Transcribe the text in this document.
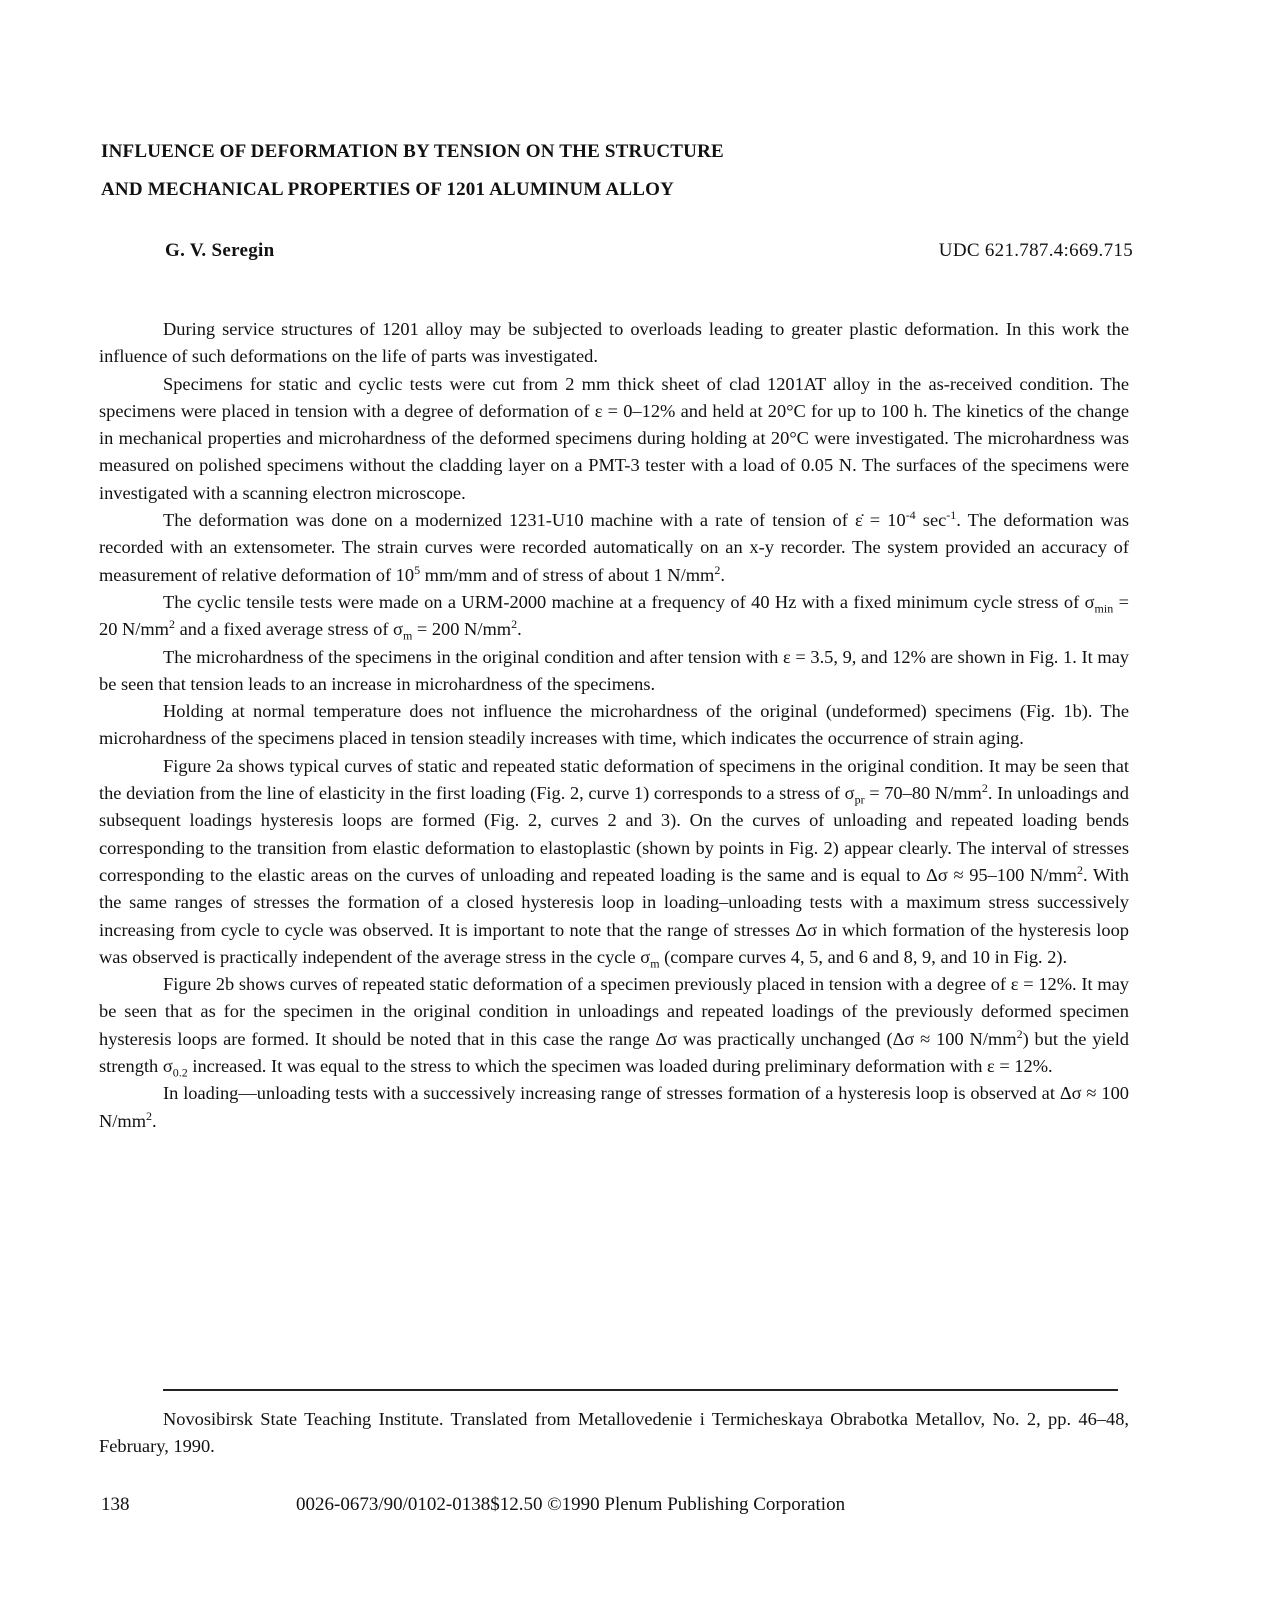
INFLUENCE OF DEFORMATION BY TENSION ON THE STRUCTURE
AND MECHANICAL PROPERTIES OF 1201 ALUMINUM ALLOY
G. V. Seregin	UDC 621.787.4:669.715

During service structures of 1201 alloy may be subjected to overloads leading to greater plastic deformation. In this work the influence of such deformations on the life of parts was investigated.

Specimens for static and cyclic tests were cut from 2 mm thick sheet of clad 1201AT alloy in the as-received condition. The specimens were placed in tension with a degree of deformation of ε = 0–12% and held at 20°C for up to 100 h. The kinetics of the change in mechanical properties and microhardness of the deformed specimens during holding at 20°C were investigated. The microhardness was measured on polished specimens without the cladding layer on a PMT-3 tester with a load of 0.05 N. The surfaces of the specimens were investigated with a scanning electron microscope.

The deformation was done on a modernized 1231-U10 machine with a rate of tension of ε̇ = $10^{-4}$ $\sec^{-1}$. The deformation was recorded with an extensometer. The strain curves were recorded automatically on an x-y recorder. The system provided an accuracy of measurement of relative deformation of $10^5$ mm/mm and of stress of about 1 $N/mm^2$.

The cyclic tensile tests were made on a URM-2000 machine at a frequency of 40 Hz with a fixed minimum cycle stress of $\sigma_{min} = 20$ $N/mm^2$ and a fixed average stress of $\sigma_m = 200$ $N/mm^2$.

The microhardness of the specimens in the original condition and after tension with ε = 3.5, 9, and 12% are shown in Fig. 1. It may be seen that tension leads to an increase in microhardness of the specimens.

Holding at normal temperature does not influence the microhardness of the original (undeformed) specimens (Fig. 1b). The microhardness of the specimens placed in tension steadily increases with time, which indicates the occurrence of strain aging.

Figure 2a shows typical curves of static and repeated static deformation of specimens in the original condition. It may be seen that the deviation from the line of elasticity in the first loading (Fig. 2, curve 1) corresponds to a stress of $\sigma_{pr} = 70-80$ $N/mm^2$. In unloadings and subsequent loadings hysteresis loops are formed (Fig. 2, curves 2 and 3). On the curves of unloading and repeated loading bends corresponding to the transition from elastic deformation to elastoplastic (shown by points in Fig. 2) appear clearly. The interval of stresses corresponding to the elastic areas on the curves of unloading and repeated loading is the same and is equal to Δσ ≈ 95–100 $N/mm^2$. With the same ranges of stresses the formation of a closed hysteresis loop in loading–unloading tests with a maximum stress successively increasing from cycle to cycle was observed. It is important to note that the range of stresses Δσ in which formation of the hysteresis loop was observed is practically independent of the average stress in the cycle $\sigma_m$ (compare curves 4, 5, and 6 and 8, 9, and 10 in Fig. 2).

Figure 2b shows curves of repeated static deformation of a specimen previously placed in tension with a degree of ε = 12%. It may be seen that as for the specimen in the original condition in unloadings and repeated loadings of the previously deformed specimen hysteresis loops are formed. It should be noted that in this case the range Δσ was practically unchanged (Δσ ≈ 100 $N/mm^2$) but the yield strength $\sigma_{0.2}$ increased. It was equal to the stress to which the specimen was loaded during preliminary deformation with ε = 12%.

In loading—unloading tests with a successively increasing range of stresses formation of a hysteresis loop is observed at Δσ ≈ 100 $N/mm^2$.

Novosibirsk State Teaching Institute. Translated from Metallovedenie i Termicheskaya Obrabotka Metallov, No. 2, pp. 46–48, February, 1990.

138	0026-0673/90/0102-0138$12.50 ©1990 Plenum Publishing Corporation
